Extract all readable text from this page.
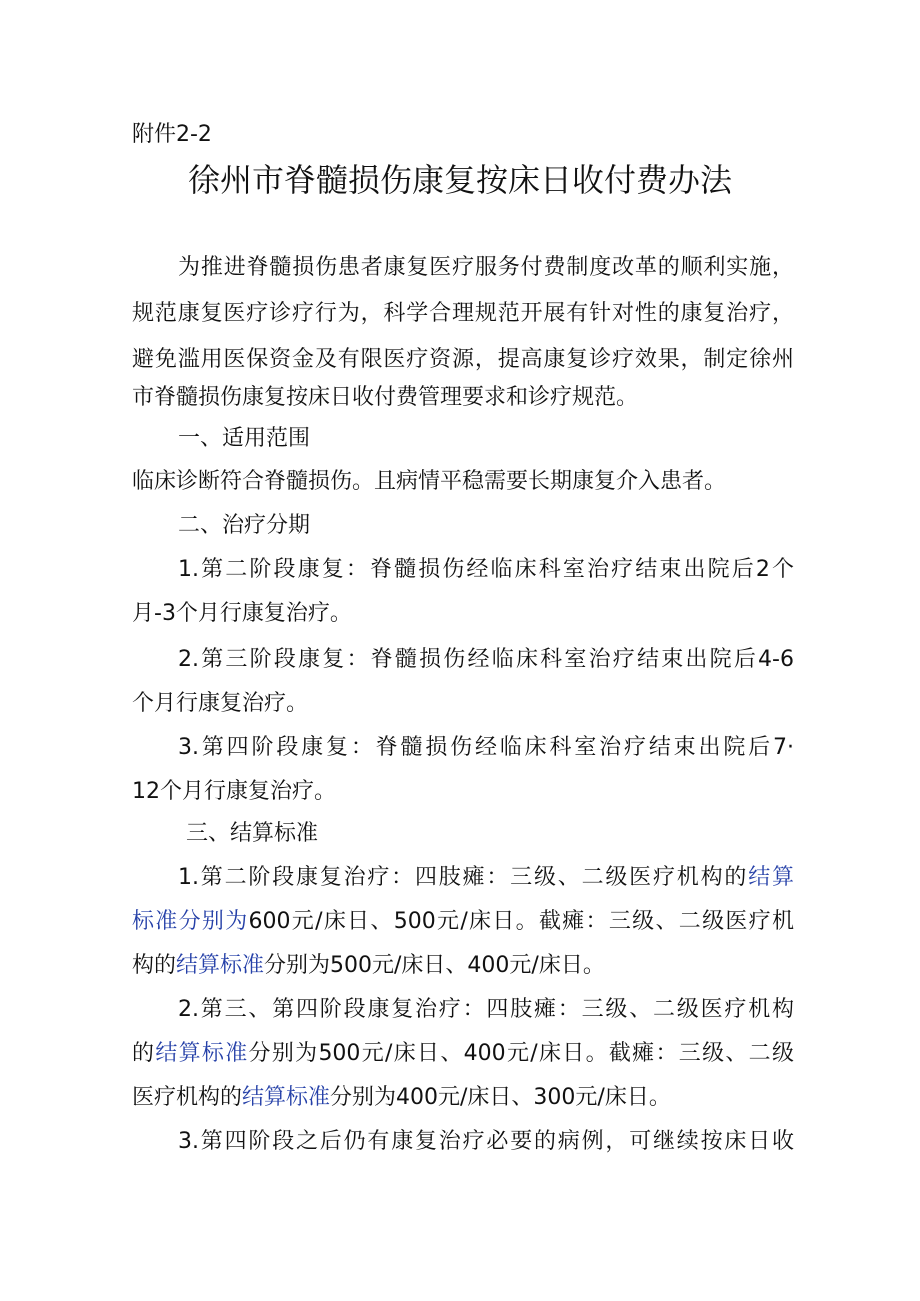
附件2-2
徐州市脊髓损伤康复按床日收付费办法
为推进脊髓损伤患者康复医疗服务付费制度改革的顺利实施，
规范康复医疗诊疗行为，科学合理规范开展有针对性的康复治疗，
避免滥用医保资金及有限医疗资源，提高康复诊疗效果，制定徐州
市脊髓损伤康复按床日收付费管理要求和诊疗规范。
一、适用范围
临床诊断符合脊髓损伤。且病情平稳需要长期康复介入患者。
二、治疗分期
1.第二阶段康复：脊髓损伤经临床科室治疗结束出院后2个
月-3个月行康复治疗。
2.第三阶段康复：脊髓损伤经临床科室治疗结束出院后4-6
个月行康复治疗。
3.第四阶段康复：脊髓损伤经临床科室治疗结束出院后7·
12个月行康复治疗。
三、结算标准
1.第二阶段康复治疗：四肢瘫：三级、二级医疗机构的结算
标准分别为600元/床日、500元/床日。截瘫：三级、二级医疗机
构的结算标准分别为500元/床日、400元/床日。
2.第三、第四阶段康复治疗：四肢瘫：三级、二级医疗机构
的结算标准分别为500元/床日、400元/床日。截瘫：三级、二级
医疗机构的结算标准分别为400元/床日、300元/床日。
3.第四阶段之后仍有康复治疗必要的病例，可继续按床日收
